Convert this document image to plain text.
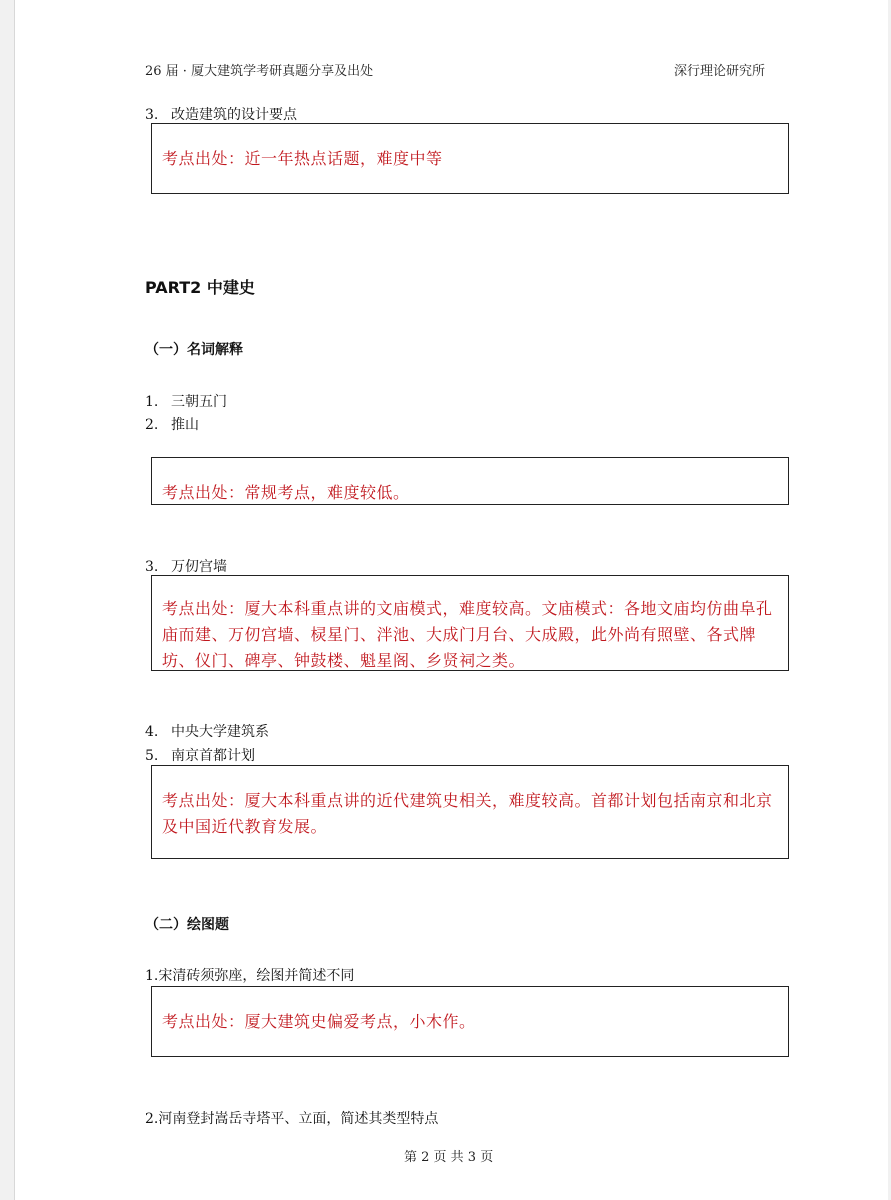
26 届 · 厦大建筑学考研真题分享及出处	深行理论研究所
3. 改造建筑的设计要点

考点出处：近一年热点话题，难度中等

PART2 中建史
（一）名词解释
1. 三朝五门
2. 推山

考点出处：常规考点，难度较低。

3. 万仞宫墙

考点出处：厦大本科重点讲的文庙模式，难度较高。文庙模式：各地文庙均仿曲阜孔庙而建、万仞宫墙、棂星门、泮池、大成门月台、大成殿，此外尚有照壁、各式牌坊、仪门、碑亭、钟鼓楼、魁星阁、乡贤祠之类。

4. 中央大学建筑系
5. 南京首都计划

考点出处：厦大本科重点讲的近代建筑史相关，难度较高。首都计划包括南京和北京及中国近代教育发展。

（二）绘图题
1.宋清砖须弥座，绘图并简述不同

考点出处：厦大建筑史偏爱考点，小木作。

2.河南登封嵩岳寺塔平、立面，简述其类型特点
第 2 页 共 3 页
